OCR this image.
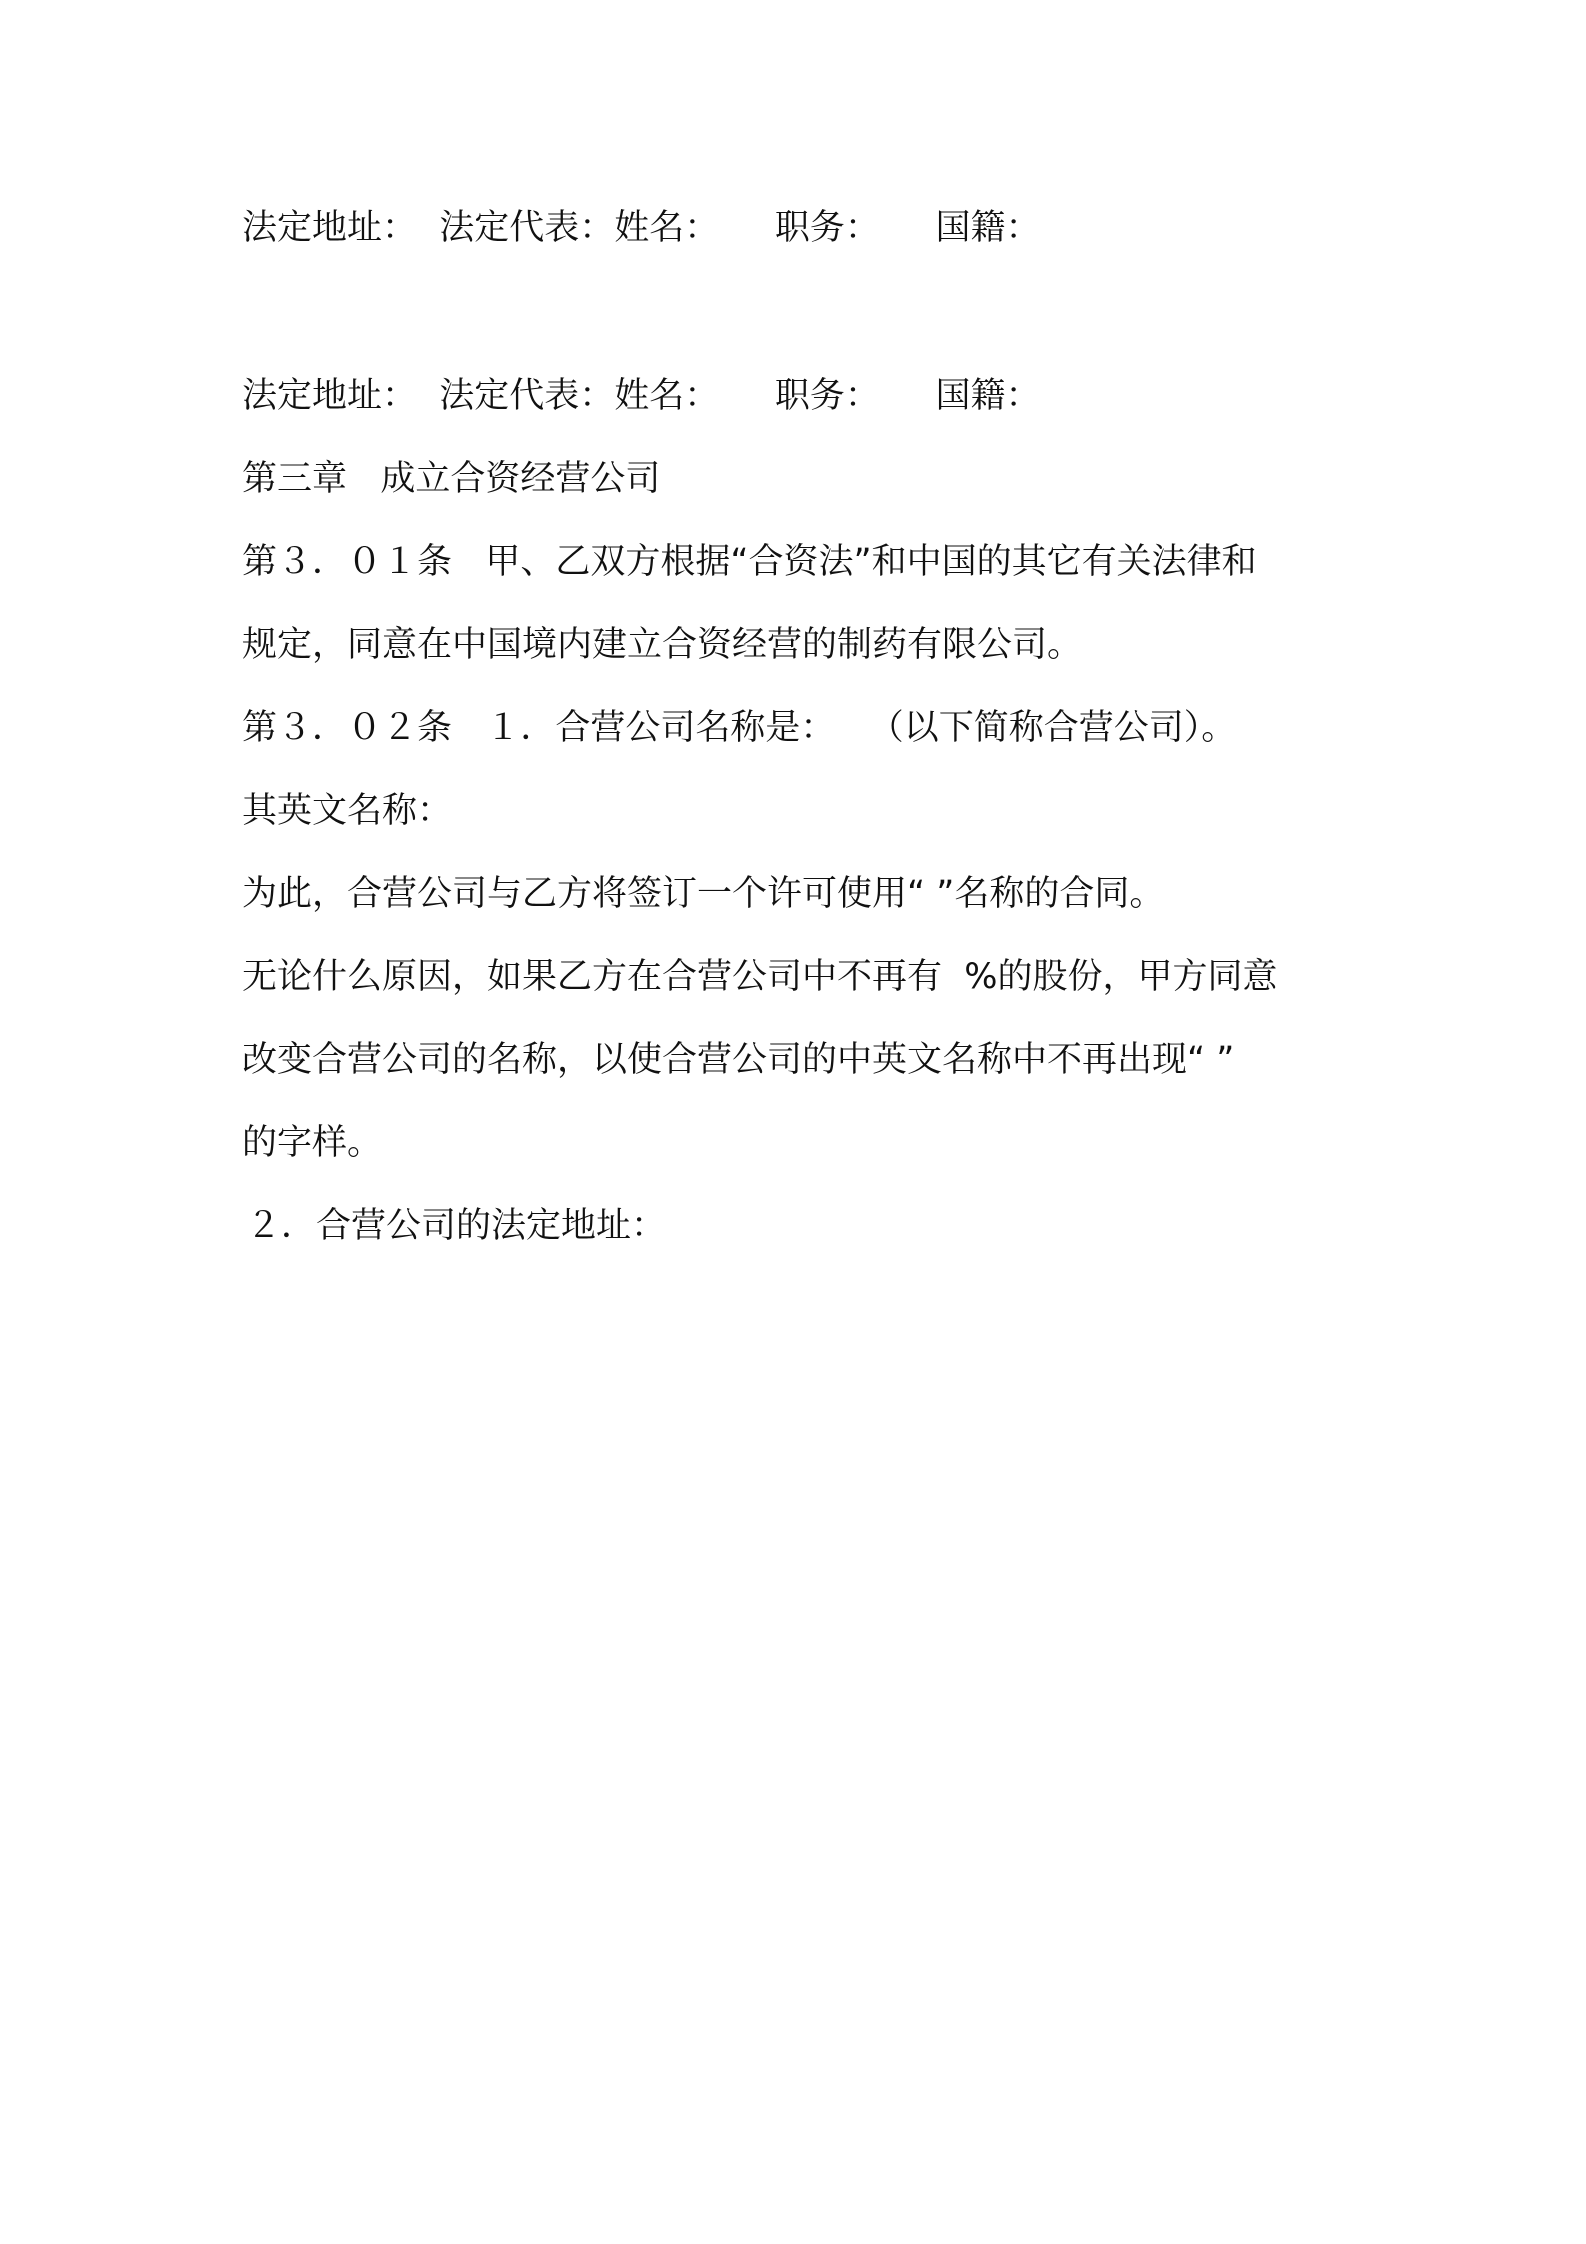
法定地址：  法定代表：姓名：     职务：     国籍：
法定地址：  法定代表：姓名：     职务：     国籍：
第三章   成立合资经营公司
第３．０１条   甲、乙双方根据“合资法”和中国的其它有关法律和
规定，同意在中国境内建立合资经营的制药有限公司。
第３．０２条   １．合营公司名称是：   （以下简称合营公司）。
其英文名称：
为此，合营公司与乙方将签订一个许可使用“ ”名称的合同。
无论什么原因，如果乙方在合营公司中不再有  %的股份，甲方同意
改变合营公司的名称，以使合营公司的中英文名称中不再出现“ ”
的字样。
２．合营公司的法定地址：
